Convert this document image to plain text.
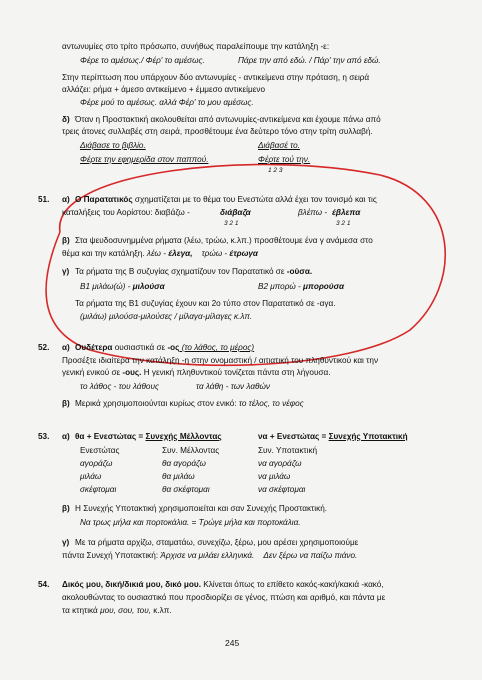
αντωνυμίες στο τρίτο πρόσωπο, συνήθως παραλείπουμε την κατάληξη -ε:
Φέρε το αμέσως./ Φέρ' το αμέσως.	Πάρε την από εδώ. / Πάρ' την από εδώ.
Στην περίπτωση που υπάρχουν δύο αντωνυμίες - αντικείμενα στην πρόταση, η σειρά
αλλάζει: ρήμα + άμεσο αντικείμενο + έμμεσο αντικείμενο
Φέρε μού το αμέσως. αλλά Φέρ' το μου αμέσως.
δ) Όταν η Προστακτική ακολουθείται από αντωνυμίες-αντικείμενα και έχουμε πάνω από
τρεις άτονες συλλαβές στη σειρά, προσθέτουμε ένα δεύτερο τόνο στην τρίτη συλλαβή.
Διάβασε το βιβλίο.	Διάβασέ το.
Φέρτε την εφημερίδα στον παππού.	Φέρτε τού την.
1 2 3
51. α) Ο Παρατατικός σχηματίζεται με το θέμα του Ενεστώτα αλλά έχει τον τονισμό και τις
καταλήξεις του Αορίστου: διαβάζω -	διάβαζα
3 2 1
βλέπω - έβλεπα
3 2 1
β) Στα ψευδοσυνημμένα ρήματα (λέω, τρώω, κ.λπ.) προσθέτουμε ένα γ ανάμεσα στο
θέμα και την κατάληξη. λέω - έλεγα, τρώω - έτρωγα
γ) Τα ρήματα της Β συζυγίας σχηματίζουν τον Παρατατικό σε -ούσα.
Β1 μιλάω(ώ) - μιλούσα	Β2 μπορώ - μπορούσα
Τα ρήματα της Β1 συζυγίας έχουν και 2ο τύπο στον Παρατατικό σε -αγα.
(μιλάω) μιλούσα-μιλούσες / μίλαγα-μίλαγες κ.λπ.
52. α) Ουδέτερα ουσιαστικά σε -ος (το λάθος, το μέρος)
Προσέξτε ιδιαίτερα την κατάληξη -η στην ονομαστική / αιτιατική του πληθυντικού και την
γενική ενικού σε -ους. Η γενική πληθυντικού τονίζεται πάντα στη λήγουσα.
το λάθος - του λάθους	τα λάθη - των λαθών
β) Μερικά χρησιμοποιούνται κυρίως στον ενικό: το τέλος, το νέφος
53. α) θα + Ενεστώτας = Συνεχής Μέλλοντας	να + Ενεστώτας = Συνεχής Υποτακτική
Ενεστώτας	Συν. Μέλλοντας	Συν. Υποτακτική
αγοράζω	θα αγοράζω	να αγοράζω
μιλάω	θα μιλάω	να μιλάω
σκέφτομαι	θα σκέφτομαι	να σκέφτομαι
β) Η Συνεχής Υποτακτική χρησιμοποιείται και σαν Συνεχής Προστακτική.
Να τρως μήλα και πορτοκάλια. = Τρώγε μήλα και πορτοκάλια.
γ) Με τα ρήματα αρχίζω, σταματάω, συνεχίζω, ξέρω, μου αρέσει χρησιμοποιούμε
πάντα Συνεχή Υποτακτική: Άρχισε να μιλάει ελληνικά. Δεν ξέρω να παίζω πιάνο.
54. Δικός μου, δική/δικιά μου, δικό μου. Κλίνεται όπως το επίθετο κακός-κακή/κακιά -κακό,
ακολουθώντας το ουσιαστικό που προσδιορίζει σε γένος, πτώση και αριθμό, και πάντα με
τα κτητικά μου, σου, του, κ.λπ.
245
